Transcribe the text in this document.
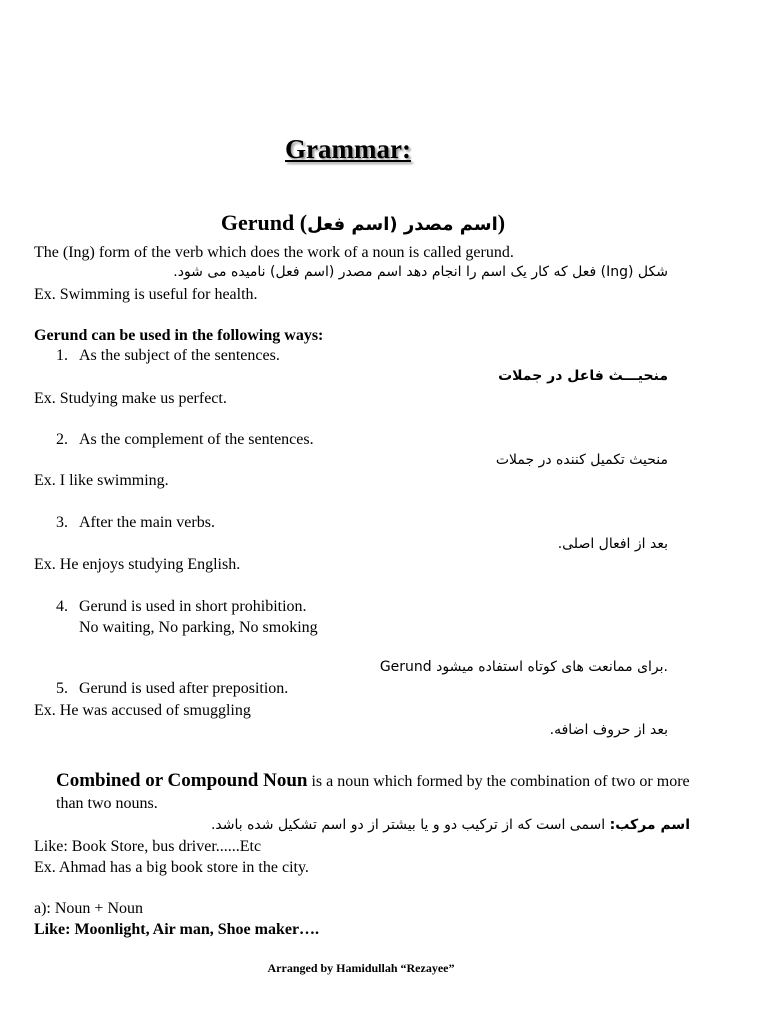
Grammar:
Gerund (اسم مصدر (اسم فعل)
The (Ing) form of the verb which does the work of a noun is called gerund.
شکل (Ing) فعل که کار یک اسم را انجام دهد اسم مصدر (اسم فعل) نامیده می شود.
Ex. Swimming is useful for health.
Gerund can be used in the following ways:
1. As the subject of the sentences.
منحیـــث فاعل در جملات
Ex. Studying make us perfect.
2. As the complement of the sentences.
منحیث تکمیل کننده در جملات
Ex. I like swimming.
3. After the main verbs.
بعد از افعال اصلی.
Ex. He enjoys studying English.
4. Gerund is used in short prohibition.
No waiting, No parking, No smoking
Gerund برای ممانعت های کوتاه استفاده میشود.
5. Gerund is used after preposition.
Ex. He was accused of smuggling
بعد از حروف اضافه.
Combined or Compound Noun is a noun which formed by the combination of two or more than two nouns.
اسم مرکب: اسمی است که از ترکیب دو و یا بیشتر از دو اسم تشکیل شده باشد.
Like: Book Store, bus driver......Etc
Ex. Ahmad has a big book store in the city.
a): Noun + Noun
Like: Moonlight, Air man, Shoe maker….
Arranged by Hamidullah “Rezayee”
